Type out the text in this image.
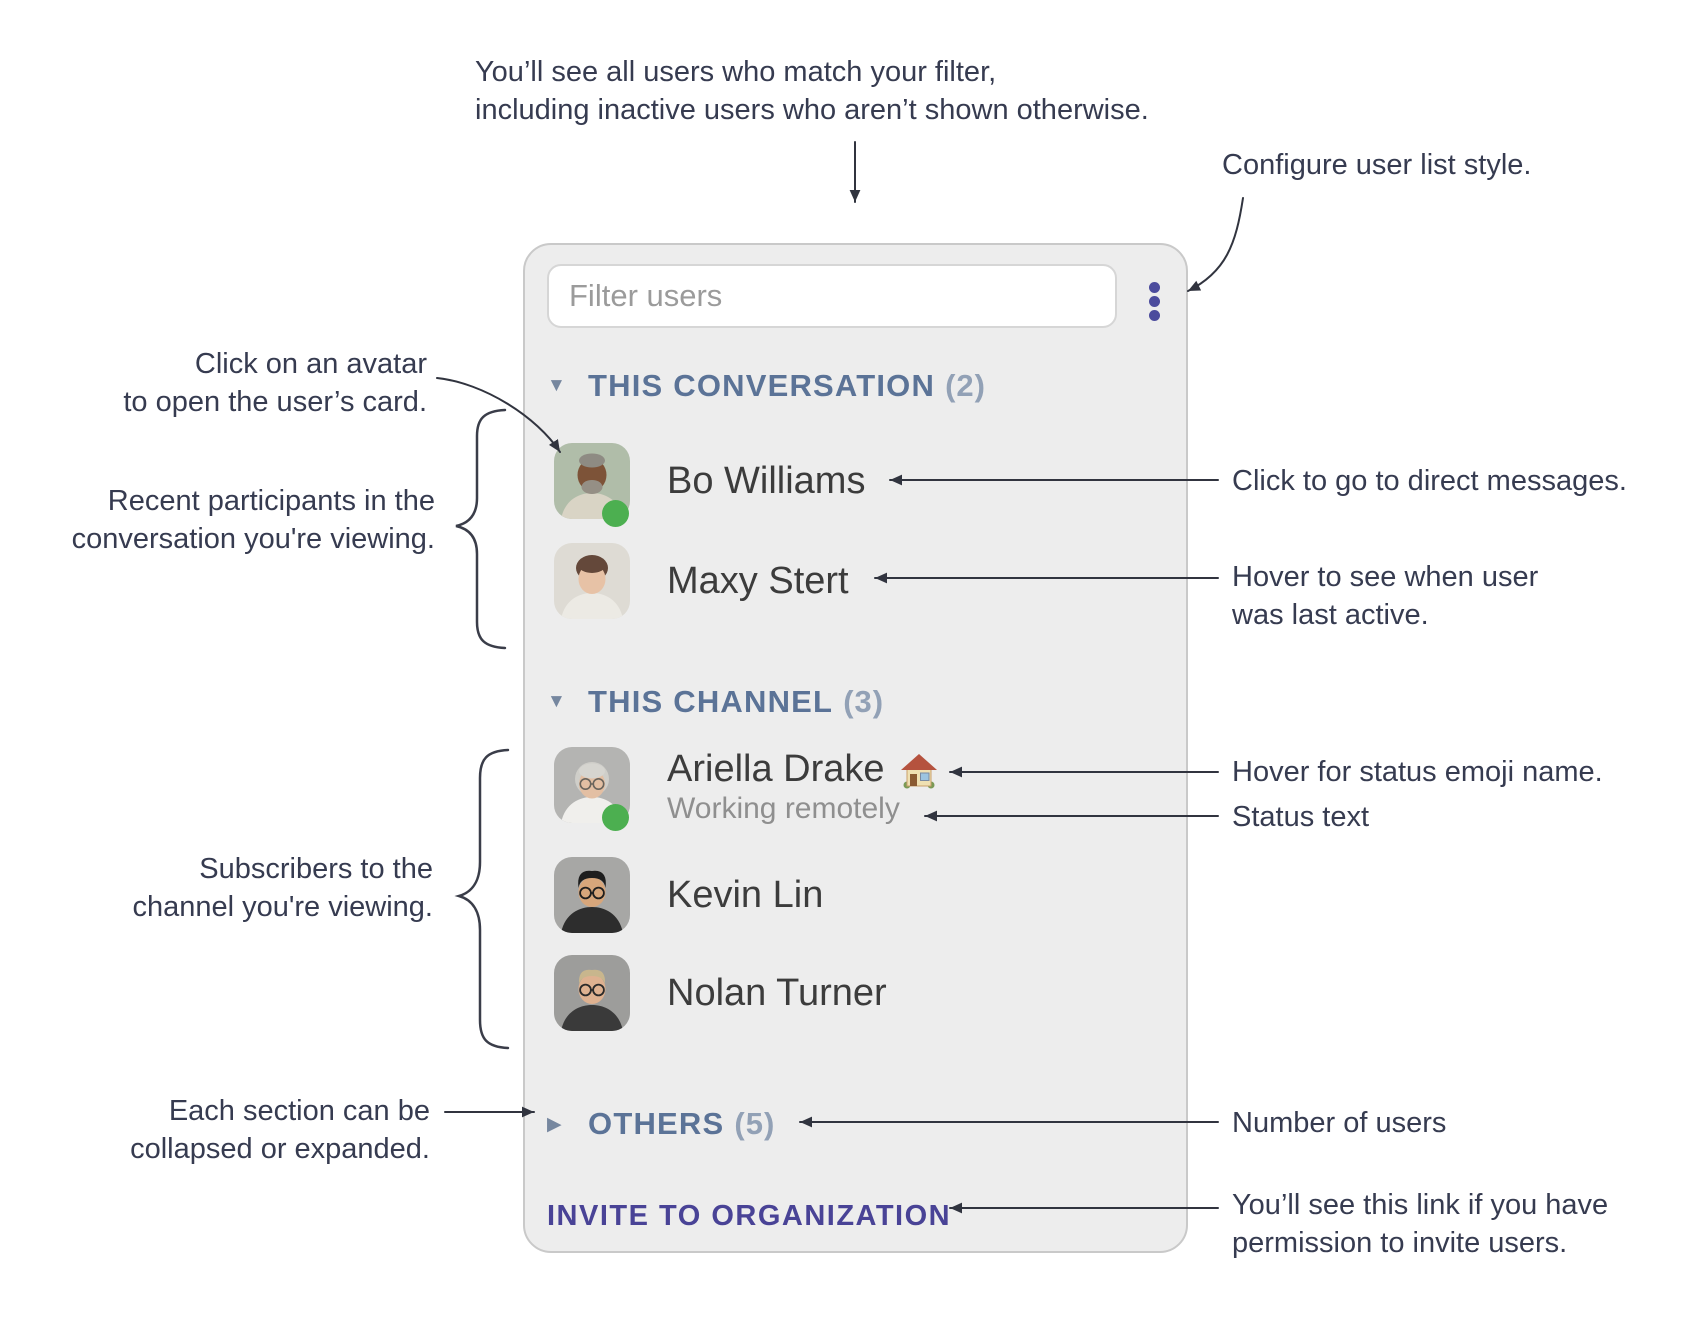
You’ll see all users who match your filter,
including inactive users who aren’t shown otherwise.
Configure user list style.
Click on an avatar
to open the user’s card.
Recent participants in the
conversation you're viewing.
Click to go to direct messages.
Hover to see when user
was last active.
Hover for status emoji name.
Status text
Subscribers to the
channel you're viewing.
Each section can be
collapsed or expanded.
Number of users
You’ll see this link if you have
permission to invite users.
Filter users
▼ THIS CONVERSATION (2)
Bo Williams
Maxy Stert
▼ THIS CHANNEL (3)
Ariella Drake
Working remotely
Kevin Lin
Nolan Turner
▶ OTHERS (5)
INVITE TO ORGANIZATION
